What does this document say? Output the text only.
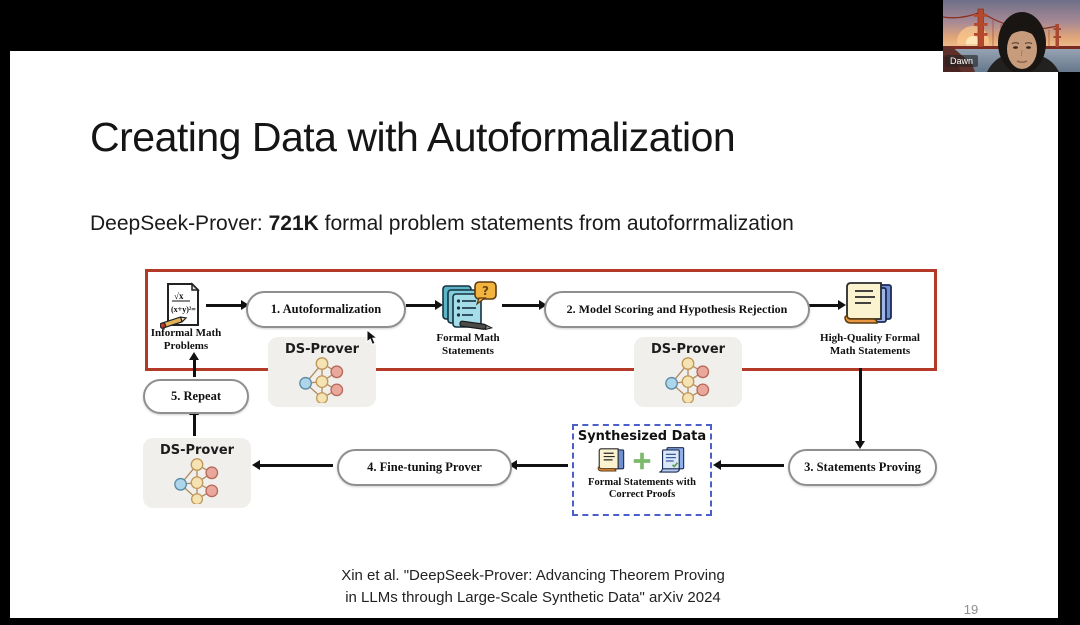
Creating Data with Autoformalization
DeepSeek-Prover: 721K formal problem statements from autoforrmalization
√x
(x+y)²=
Informal Math
Problems
1. Autoformalization
?
Formal Math
Statements
2. Model Scoring and Hypothesis Rejection
High-Quality Formal
Math Statements
DS-Prover	DS-Prover
DS-Prover
5. Repeat
4. Fine-tuning Prover	3. Statements Proving
Synthesized Data
Formal Statements with
Correct Proofs
Xin et al. "DeepSeek-Prover: Advancing Theorem Proving
in LLMs through Large-Scale Synthetic Data" arXiv 2024
19
Dawn
